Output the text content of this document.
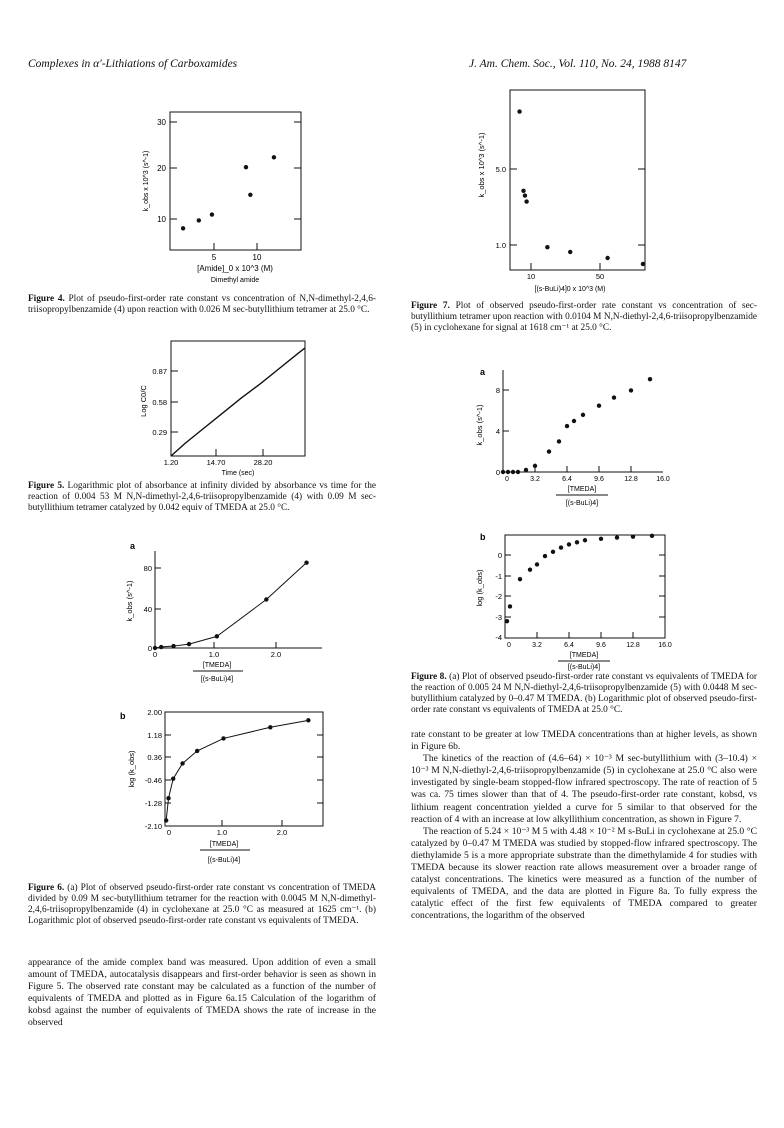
Complexes in α′-Lithiations of Carboxamides	J. Am. Chem. Soc., Vol. 110, No. 24, 1988 8147
10
20
30
5	10
[Amide]_0 x 10^3 (M)
Dimethyl amide
k_obs x 10^3 (s^-1)
Figure 4. Plot of pseudo-first-order rate constant vs concentration of N,N-dimethyl-2,4,6-triisopropylbenzamide (4) upon reaction with 0.026 M sec-butyllithium tetramer at 25.0 °C.
0.87
0.58
0.29
1.20	14.70	28.20
Time (sec)
Log C0/C
Figure 5. Logarithmic plot of absorbance at infinity divided by absorbance vs time for the reaction of 0.004 53 M N,N-dimethyl-2,4,6-triisopropylbenzamide (4) with 0.09 M sec-butyllithium tetramer catalyzed by 0.042 equiv of TMEDA at 25.0 °C.
a
0
40
80
0	1.0	2.0
[TMEDA]
[(s-BuLi)4]
k_obs (s^-1)
b	2.00
1.18
0.36
-0.46
-1.28
-2.10
0	1.0	2.0
[TMEDA]
log (k_obs)
[(s-BuLi)4]
Figure 6. (a) Plot of observed pseudo-first-order rate constant vs concentration of TMEDA divided by 0.09 M sec-butyllithium tetramer for the reaction with 0.0045 M N,N-dimethyl-2,4,6-triisopropylbenzamide (4) in cyclohexane at 25.0 °C as measured at 1625 cm⁻¹. (b) Logarithmic plot of observed pseudo-first-order rate constant vs equivalents of TMEDA.

appearance of the amide complex band was measured. Upon addition of even a small amount of TMEDA, autocatalysis disappears and first-order behavior is seen as shown in Figure 5. The observed rate constant may be calculated as a function of the number of equivalents of TMEDA and plotted as in Figure 6a.15 Calculation of the logarithm of kobsd against the number of equivalents of TMEDA shows the rate of increase in the observed

5.0
1.0
10	50
[(s-BuLi)4]0 x 10^3 (M)
k_obs x 10^3 (s^-1)
Figure 7. Plot of observed pseudo-first-order rate constant vs concentration of sec-butyllithium tetramer upon reaction with 0.0104 M N,N-diethyl-2,4,6-triisopropylbenzamide (5) in cyclohexane for signal at 1618 cm⁻¹ at 25.0 °C.
a
8
4
0
0	3.2	6.4	9.6	12.8	16.0
[TMEDA]
[(s-BuLi)4]
k_obs (s^-1)
b
0
-1
-2
-3
-4
0	3.2	6.4	9.6	12.8	16.0
[TMEDA]
[(s-BuLi)4]
log (k_obs)
Figure 8. (a) Plot of observed pseudo-first-order rate constant vs equivalents of TMEDA for the reaction of 0.005 24 M N,N-diethyl-2,4,6-triisopropylbenzamide (5) with 0.0448 M sec-butyllithium catalyzed by 0–0.47 M TMEDA. (b) Logarithmic plot of observed pseudo-first-order rate constant vs equivalents of TMEDA at 25.0 °C.

rate constant to be greater at low TMEDA concentrations than at higher levels, as shown in Figure 6b.

The kinetics of the reaction of (4.6–64) × 10⁻³ M sec-butyllithium with (3–10.4) × 10⁻³ M N,N-diethyl-2,4,6-triisopropylbenzamide (5) in cyclohexane at 25.0 °C also were investigated by single-beam stopped-flow infrared spectroscopy. The rate of reaction of 5 was ca. 75 times slower than that of 4. The pseudo-first-order rate constant, kobsd, vs lithium reagent concentration yielded a curve for 5 similar to that observed for the reaction of 4 with an increase at low alkyllithium concentration, as shown in Figure 7.

The reaction of 5.24 × 10⁻³ M 5 with 4.48 × 10⁻² M s-BuLi in cyclohexane at 25.0 °C catalyzed by 0–0.47 M TMEDA was studied by stopped-flow infrared spectroscopy. The diethylamide 5 is a more appropriate substrate than the dimethylamide 4 for studies with TMEDA because its slower reaction rate allows measurement over a broader range of catalyst concentrations. The kinetics were measured as a function of the number of equivalents of TMEDA, and the data are plotted in Figure 8a. To fully express the catalytic effect of the first few equivalents of TMEDA compared to greater concentrations, the logarithm of the observed
